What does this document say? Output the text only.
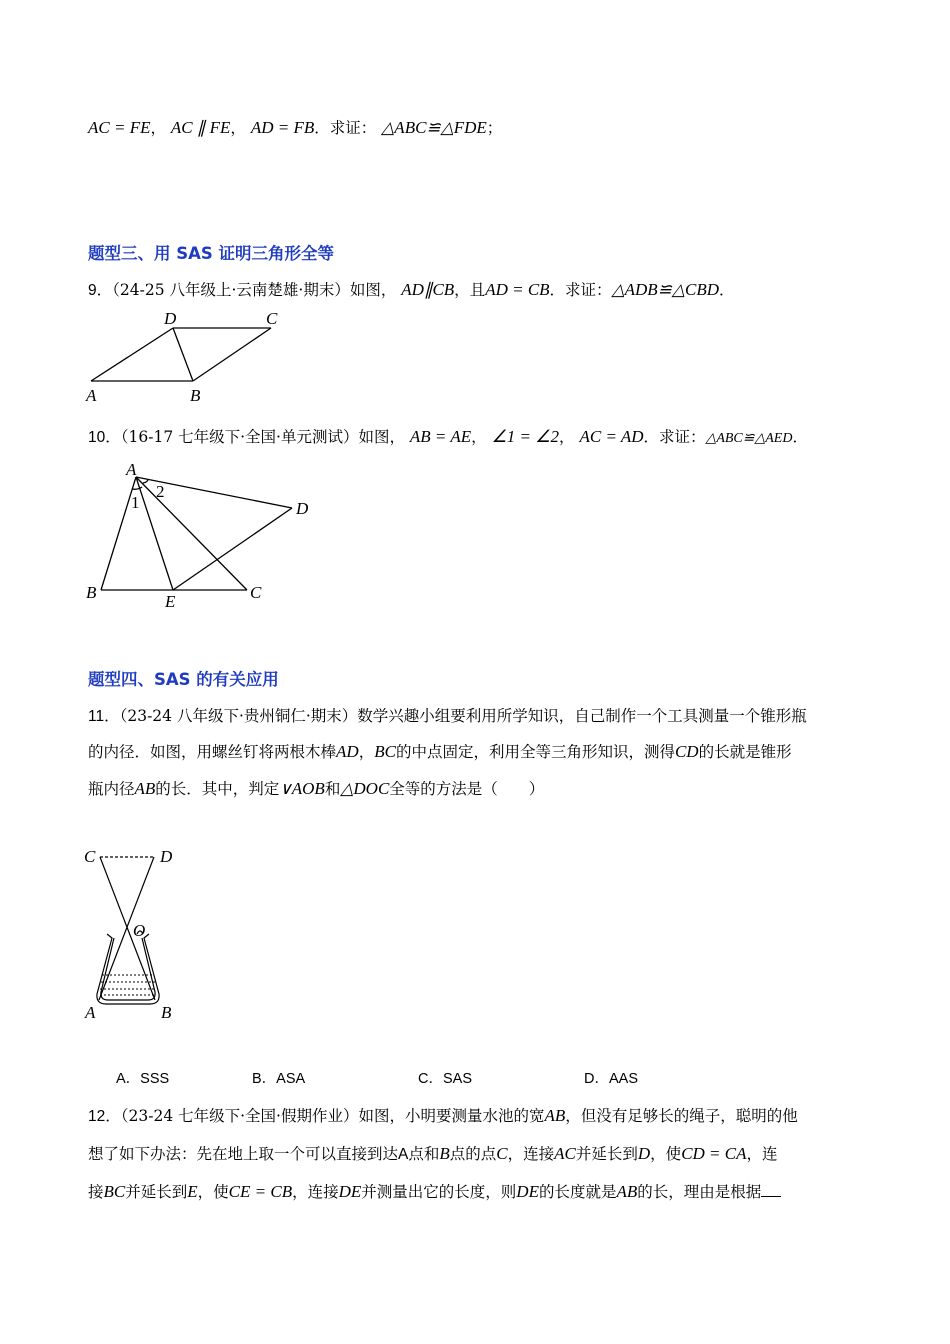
AC = FE， AC ∥ FE， AD = FB．求证： △ABC≌△FDE；
题型三、用 SAS 证明三角形全等
9．（24-25 八年级上·云南楚雄·期末）如图， AD∥CB，且AD = CB．求证：△ADB≌△CBD．
D	C
A	B
10．（16-17 七年级下·全国·单元测试）如图， AB = AE， ∠1 = ∠2， AC = AD．求证：△ABC≌△AED．
A
2
1	D
B	E	C
题型四、SAS 的有关应用
11．（23-24 八年级下·贵州铜仁·期末）数学兴趣小组要利用所学知识，自己制作一个工具测量一个锥形瓶
的内径．如图，用螺丝钉将两根木棒AD，BC的中点固定，利用全等三角形知识，测得CD的长就是锥形
瓶内径AB的长．其中，判定∨AOB和△DOC全等的方法是（　　）
C	D
O
A	B
A．SSS	B．ASA	C．SAS	D．AAS
12．（23-24 七年级下·全国·假期作业）如图，小明要测量水池的宽AB，但没有足够长的绳子，聪明的他
想了如下办法：先在地上取一个可以直接到达A点和B点的点C，连接AC并延长到D，使CD = CA，连
接BC并延长到E，使CE = CB，连接DE并测量出它的长度，则DE的长度就是AB的长，理由是根据
